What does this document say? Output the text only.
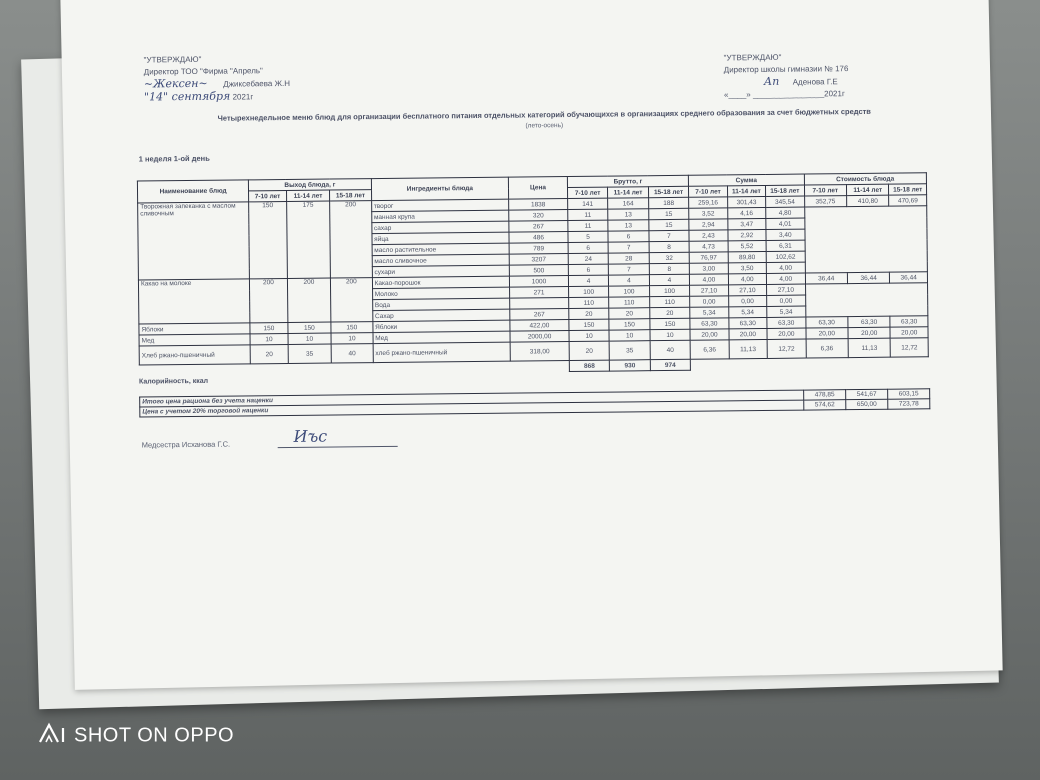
"УТВЕРЖДАЮ"
Директор ТОО "Фирма "Апрель"
~Жексен~ Джиксебаева Ж.Н
"14" сентября 2021г
"УТВЕРЖДАЮ"
Директор школы гимназии № 176
Ап Аденова Г.Е
«____» ________________2021г
Четырехнедельное меню блюд для организации бесплатного питания отдельных категорий обучающихся в организациях среднего образования за счет бюджетных средств
(лето-осень)
1 неделя 1-ой день
Наименование блюд	Выход блюда, г			Ингредиенты блюда	Цена	Брутто, г			Сумма			Стоимость блюда		
	7-10 лет	11-14 лет	15-18 лет			7-10 лет	11-14 лет	15-18 лет	7-10 лет	11-14 лет	15-18 лет	7-10 лет	11-14 лет	15-18 лет
Творожная запеканка с маслом сливочным	150	175	200	творог	1838	141	164	188	259,16	301,43	345,54	352,75	410,80	470,69
				манная крупа	320	11	13	15	3,52	4,16	4,80			
				сахар	267	11	13	15	2,94	3,47	4,01			
				яйца	486	5	6	7	2,43	2,92	3,40			
				масло растительное	789	6	7	8	4,73	5,52	6,31			
				масло сливочное	3207	24	28	32	76,97	89,80	102,62			
				сухари	500	6	7	8	3,00	3,50	4,00			
Какао на молоке	200	200	200	Какао-порошок	1000	4	4	4	4,00	4,00	4,00	36,44	36,44	36,44
				Молоко	271	100	100	100	27,10	27,10	27,10			
				Вода		110	110	110	0,00	0,00	0,00			
				Сахар	267	20	20	20	5,34	5,34	5,34			
Яблоки	150	150	150	Яблоки	422,00	150	150	150	63,30	63,30	63,30	63,30	63,30	63,30
Мед	10	10	10	Мед	2000,00	10	10	10	20,00	20,00	20,00	20,00	20,00	20,00
Хлеб ржано-пшеничный	20	35	40	хлеб ржано-пшеничный	318,00	20	35	40	6,36	11,13	12,72	6,36	11,13	12,72
						868	930	974						
Калорийность, ккал
Итого цена рациона без учета наценки	478,85	541,67	603,15
Цена с учетом 20% торговой наценки	574,62	650,00	723,78
Медсестра Исханова Г.С.	Иъс
SHOT ON OPPO
